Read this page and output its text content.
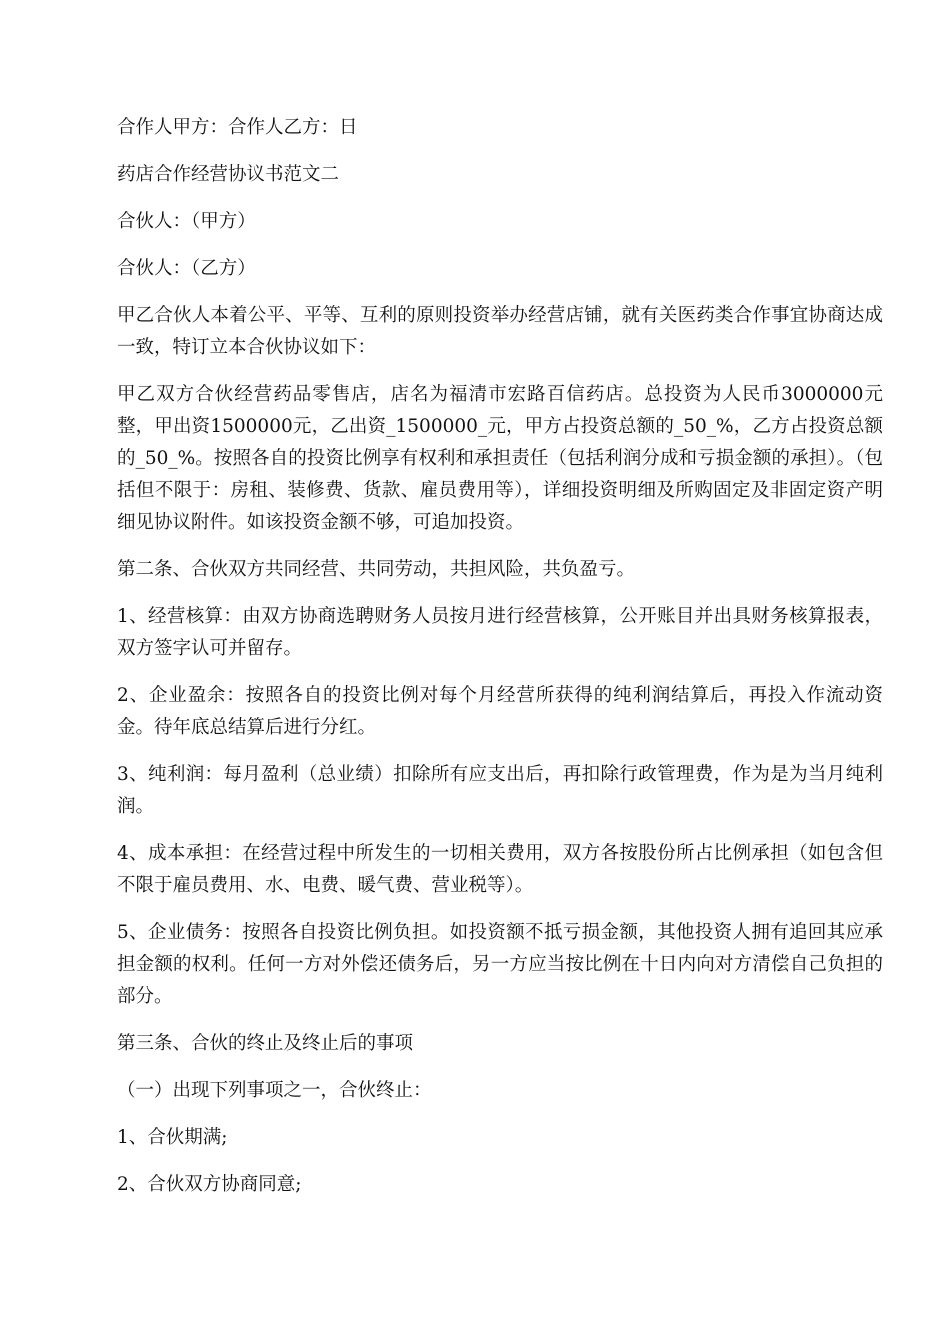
合作人甲方：合作人乙方：日

药店合作经营协议书范文二

合伙人：（甲方）

合伙人：（乙方）

甲乙合伙人本着公平、平等、互利的原则投资举办经营店铺，就有关医药类合作事宜协商达成一致，特订立本合伙协议如下：

甲乙双方合伙经营药品零售店，店名为福清市宏路百信药店。总投资为人民币3000000元整，甲出资1500000元，乙出资_1500000_元，甲方占投资总额的_50_%，乙方占投资总额的_50_%。按照各自的投资比例享有权利和承担责任（包括利润分成和亏损金额的承担）。（包括但不限于：房租、装修费、货款、雇员费用等），详细投资明细及所购固定及非固定资产明细见协议附件。如该投资金额不够，可追加投资。

第二条、合伙双方共同经营、共同劳动，共担风险，共负盈亏。

1、经营核算：由双方协商选聘财务人员按月进行经营核算，公开账目并出具财务核算报表，双方签字认可并留存。

2、企业盈余：按照各自的投资比例对每个月经营所获得的纯利润结算后，再投入作流动资金。待年底总结算后进行分红。

3、纯利润：每月盈利（总业绩）扣除所有应支出后，再扣除行政管理费，作为是为当月纯利润。

4、成本承担：在经营过程中所发生的一切相关费用，双方各按股份所占比例承担（如包含但不限于雇员费用、水、电费、暖气费、营业税等）。

5、企业债务：按照各自投资比例负担。如投资额不抵亏损金额，其他投资人拥有追回其应承担金额的权利。任何一方对外偿还债务后，另一方应当按比例在十日内向对方清偿自己负担的部分。

第三条、合伙的终止及终止后的事项

（一）出现下列事项之一，合伙终止：

1、合伙期满;

2、合伙双方协商同意;
